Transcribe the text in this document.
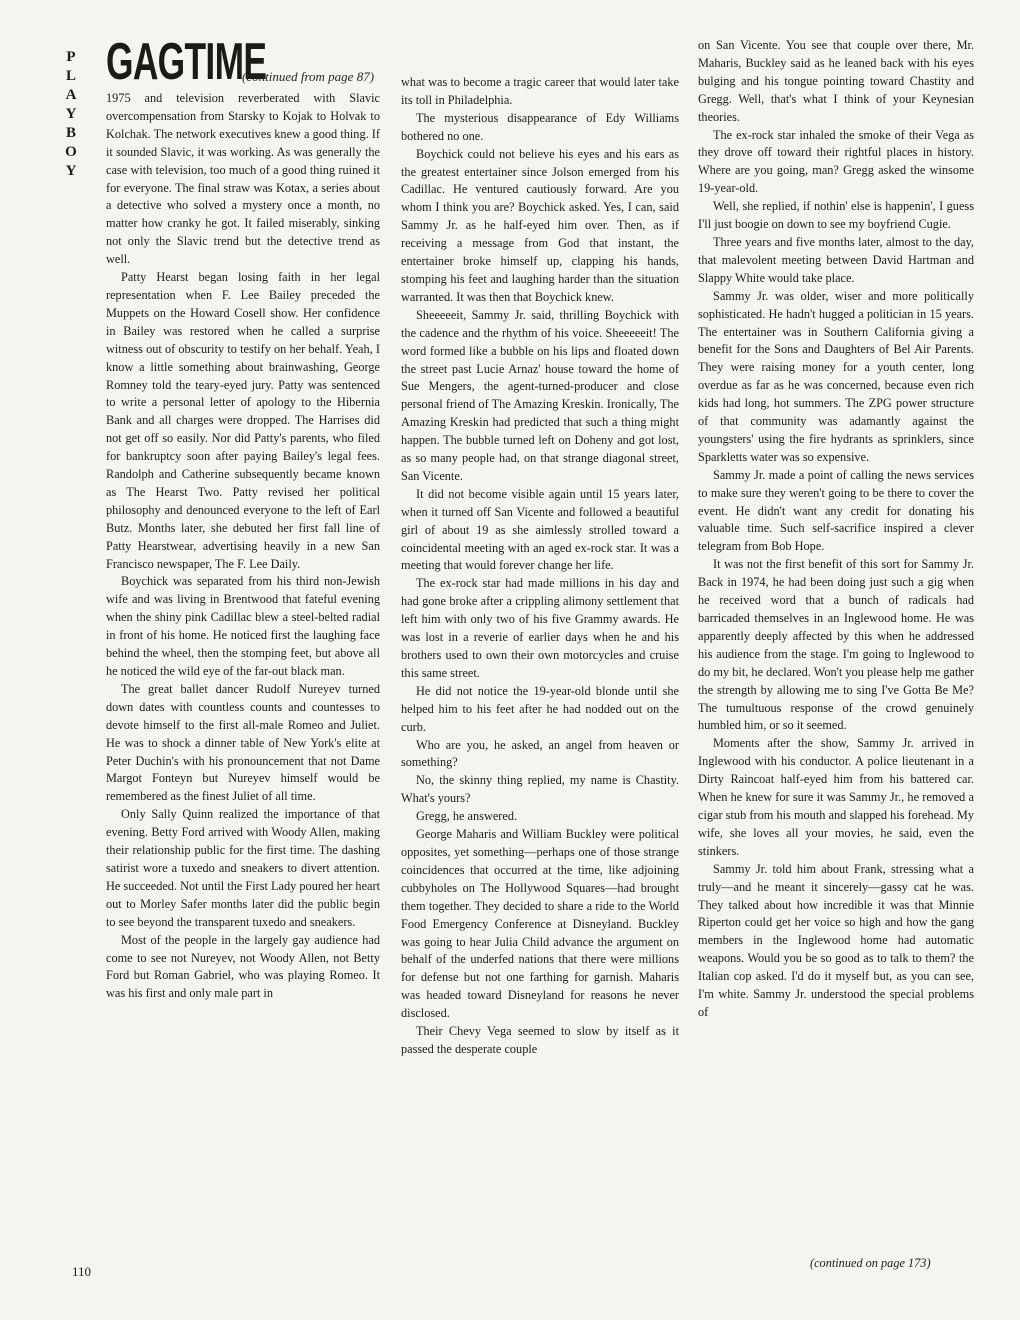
P
L
A
Y
B
O
Y
GAGTIME
(continued from page 87)

1975 and television reverberated with Slavic overcompensation from Starsky to Kojak to Holvak to Kolchak. The network executives knew a good thing. If it sounded Slavic, it was working. As was generally the case with television, too much of a good thing ruined it for everyone. The final straw was Kotax, a series about a detective who solved a mystery once a month, no matter how cranky he got. It failed miserably, sinking not only the Slavic trend but the detective trend as well.

Patty Hearst began losing faith in her legal representation when F. Lee Bailey preceded the Muppets on the Howard Cosell show. Her confidence in Bailey was restored when he called a surprise witness out of obscurity to testify on her behalf. Yeah, I know a little something about brainwashing, George Romney told the teary-eyed jury. Patty was sentenced to write a personal letter of apology to the Hibernia Bank and all charges were dropped. The Harrises did not get off so easily. Nor did Patty's parents, who filed for bankruptcy soon after paying Bailey's legal fees. Randolph and Catherine subsequently became known as The Hearst Two. Patty revised her political philosophy and denounced everyone to the left of Earl Butz. Months later, she debuted her first fall line of Patty Hearstwear, advertising heavily in a new San Francisco newspaper, The F. Lee Daily.

Boychick was separated from his third non-Jewish wife and was living in Brentwood that fateful evening when the shiny pink Cadillac blew a steel-belted radial in front of his home. He noticed first the laughing face behind the wheel, then the stomping feet, but above all he noticed the wild eye of the far-out black man.

The great ballet dancer Rudolf Nureyev turned down dates with countless counts and countesses to devote himself to the first all-male Romeo and Juliet. He was to shock a dinner table of New York's elite at Peter Duchin's with his pronouncement that not Dame Margot Fonteyn but Nureyev himself would be remembered as the finest Juliet of all time.

Only Sally Quinn realized the importance of that evening. Betty Ford arrived with Woody Allen, making their relationship public for the first time. The dashing satirist wore a tuxedo and sneakers to divert attention. He succeeded. Not until the First Lady poured her heart out to Morley Safer months later did the public begin to see beyond the transparent tuxedo and sneakers.

Most of the people in the largely gay audience had come to see not Nureyev, not Woody Allen, not Betty Ford but Roman Gabriel, who was playing Romeo. It was his first and only male part in

what was to become a tragic career that would later take its toll in Philadelphia.

The mysterious disappearance of Edy Williams bothered no one.

Boychick could not believe his eyes and his ears as the greatest entertainer since Jolson emerged from his Cadillac. He ventured cautiously forward. Are you whom I think you are? Boychick asked. Yes, I can, said Sammy Jr. as he half-eyed him over. Then, as if receiving a message from God that instant, the entertainer broke himself up, clapping his hands, stomping his feet and laughing harder than the situation warranted. It was then that Boychick knew.

Sheeeeeit, Sammy Jr. said, thrilling Boychick with the cadence and the rhythm of his voice. Sheeeeeit! The word formed like a bubble on his lips and floated down the street past Lucie Arnaz' house toward the home of Sue Mengers, the agent-turned-producer and close personal friend of The Amazing Kreskin. Ironically, The Amazing Kreskin had predicted that such a thing might happen. The bubble turned left on Doheny and got lost, as so many people had, on that strange diagonal street, San Vicente.

It did not become visible again until 15 years later, when it turned off San Vicente and followed a beautiful girl of about 19 as she aimlessly strolled toward a coincidental meeting with an aged ex-rock star. It was a meeting that would forever change her life.

The ex-rock star had made millions in his day and had gone broke after a crippling alimony settlement that left him with only two of his five Grammy awards. He was lost in a reverie of earlier days when he and his brothers used to own their own motorcycles and cruise this same street.

He did not notice the 19-year-old blonde until she helped him to his feet after he had nodded out on the curb.

Who are you, he asked, an angel from heaven or something?

No, the skinny thing replied, my name is Chastity. What's yours?

Gregg, he answered.

George Maharis and William Buckley were political opposites, yet something—perhaps one of those strange coincidences that occurred at the time, like adjoining cubbyholes on The Hollywood Squares—had brought them together. They decided to share a ride to the World Food Emergency Conference at Disneyland. Buckley was going to hear Julia Child advance the argument on behalf of the underfed nations that there were millions for defense but not one farthing for garnish. Maharis was headed toward Disneyland for reasons he never disclosed.

Their Chevy Vega seemed to slow by itself as it passed the desperate couple

on San Vicente. You see that couple over there, Mr. Maharis, Buckley said as he leaned back with his eyes bulging and his tongue pointing toward Chastity and Gregg. Well, that's what I think of your Keynesian theories.

The ex-rock star inhaled the smoke of their Vega as they drove off toward their rightful places in history. Where are you going, man? Gregg asked the winsome 19-year-old.

Well, she replied, if nothin' else is happenin', I guess I'll just boogie on down to see my boyfriend Cugie.

Three years and five months later, almost to the day, that malevolent meeting between David Hartman and Slappy White would take place.

Sammy Jr. was older, wiser and more politically sophisticated. He hadn't hugged a politician in 15 years. The entertainer was in Southern California giving a benefit for the Sons and Daughters of Bel Air Parents. They were raising money for a youth center, long overdue as far as he was concerned, because even rich kids had long, hot summers. The ZPG power structure of that community was adamantly against the youngsters' using the fire hydrants as sprinklers, since Sparkletts water was so expensive.

Sammy Jr. made a point of calling the news services to make sure they weren't going to be there to cover the event. He didn't want any credit for donating his valuable time. Such self-sacrifice inspired a clever telegram from Bob Hope.

It was not the first benefit of this sort for Sammy Jr. Back in 1974, he had been doing just such a gig when he received word that a bunch of radicals had barricaded themselves in an Inglewood home. He was apparently deeply affected by this when he addressed his audience from the stage. I'm going to Inglewood to do my bit, he declared. Won't you please help me gather the strength by allowing me to sing I've Gotta Be Me? The tumultuous response of the crowd genuinely humbled him, or so it seemed.

Moments after the show, Sammy Jr. arrived in Inglewood with his conductor. A police lieutenant in a Dirty Raincoat half-eyed him from his battered car. When he knew for sure it was Sammy Jr., he removed a cigar stub from his mouth and slapped his forehead. My wife, she loves all your movies, he said, even the stinkers.

Sammy Jr. told him about Frank, stressing what a truly—and he meant it sincerely—gassy cat he was. They talked about how incredible it was that Minnie Riperton could get her voice so high and how the gang members in the Inglewood home had automatic weapons. Would you be so good as to talk to them? the Italian cop asked. I'd do it myself but, as you can see, I'm white. Sammy Jr. understood the special problems of

110
(continued on page 173)
